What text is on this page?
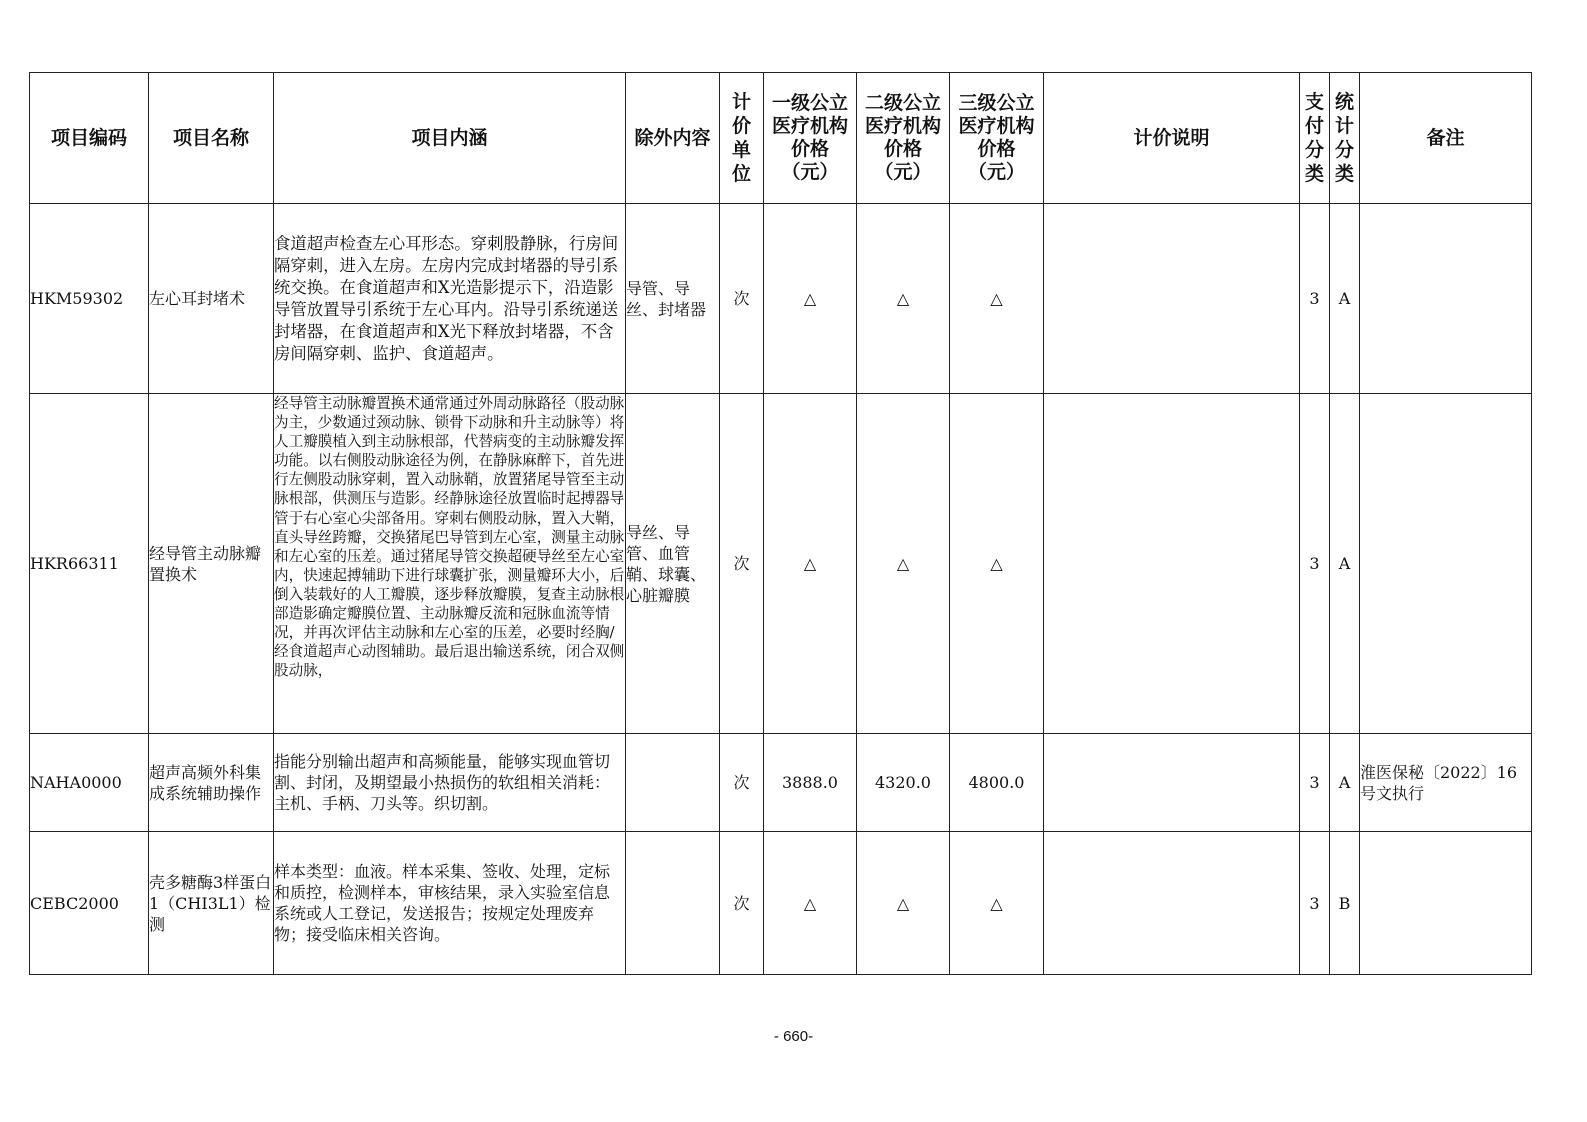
项目编码	项目名称	项目内涵	除外内容	计价单位	一级公立医疗机构价格（元）	二级公立医疗机构价格（元）	三级公立医疗机构价格（元）	计价说明	支付分类	统计分类	备注
HKM59302	左心耳封堵术	食道超声检查左心耳形态。穿刺股静脉，行房间隔穿刺，进入左房。左房内完成封堵器的导引系统交换。在食道超声和X光造影提示下，沿造影导管放置导引系统于左心耳内。沿导引系统递送封堵器，在食道超声和X光下释放封堵器，不含房间隔穿刺、监护、食道超声。	导管、导丝、封堵器	次	△	△	△		3	A	
HKR66311	经导管主动脉瓣置换术	经导管主动脉瓣置换术通常通过外周动脉路径（股动脉为主，少数通过颈动脉、锁骨下动脉和升主动脉等）将人工瓣膜植入到主动脉根部，代替病变的主动脉瓣发挥功能。以右侧股动脉途径为例，在静脉麻醉下，首先进行左侧股动脉穿刺，置入动脉鞘，放置猪尾导管至主动脉根部，供测压与造影。经静脉途径放置临时起搏器导管于右心室心尖部备用。穿刺右侧股动脉，置入大鞘，直头导丝跨瓣，交换猪尾巴导管到左心室，测量主动脉和左心室的压差。通过猪尾导管交换超硬导丝至左心室内，快速起搏辅助下进行球囊扩张，测量瓣环大小，后倒入装载好的人工瓣膜，逐步释放瓣膜，复查主动脉根部造影确定瓣膜位置、主动脉瓣反流和冠脉血流等情况，并再次评估主动脉和左心室的压差，必要时经胸/经食道超声心动图辅助。最后退出输送系统，闭合双侧股动脉，	导丝、导管、血管鞘、球囊、心脏瓣膜	次	△	△	△		3	A	
NAHA0000	超声高频外科集成系统辅助操作	指能分别输出超声和高频能量，能够实现血管切割、封闭，及期望最小热损伤的软组相关消耗：主机、手柄、刀头等。织切割。		次	3888.0	4320.0	4800.0		3	A	淮医保秘〔2022〕16号文执行
CEBC2000	壳多糖酶3样蛋白1（CHI3L1）检测	样本类型：血液。样本采集、签收、处理，定标和质控，检测样本，审核结果，录入实验室信息系统或人工登记，发送报告；按规定处理废弃物；接受临床相关咨询。		次	△	△	△		3	B	
- 660-
